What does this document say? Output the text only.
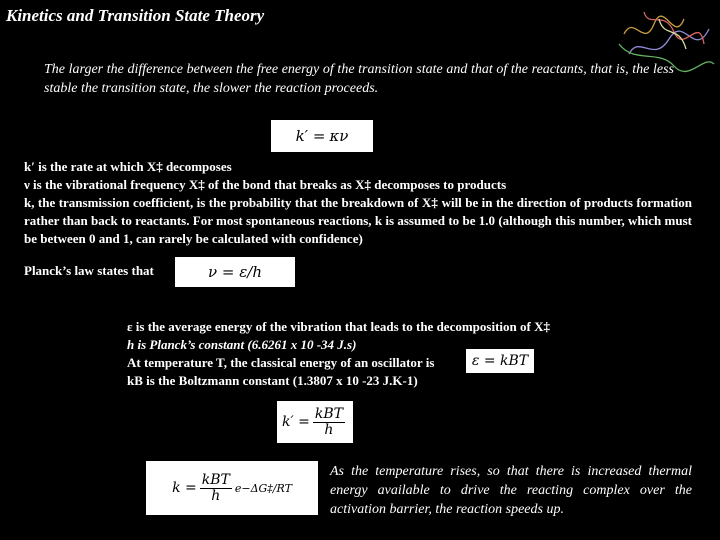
Kinetics and Transition State Theory
The larger the difference between the free energy of the transition state and that of the reactants, that is, the less stable the transition state, the slower the reaction proceeds.
k′ = κν
k′ is the rate at which X‡ decomposes
ν is the vibrational frequency X‡ of the bond that breaks as X‡ decomposes to products
k, the transmission coefficient, is the probability that the breakdown of X‡ will be in the direction of products formation rather than back to reactants. For most spontaneous reactions, k is assumed to be 1.0 (although this number, which must be between 0 and 1, can rarely be calculated with confidence)
Planck’s law states that	ν = ε/h
ε is the average energy of the vibration that leads to the decomposition of X‡
h is Planck’s constant (6.6261 x 10 -34 J.s)
At temperature T, the classical energy of an oscillator is
kB is the Boltzmann constant (1.3807 x 10 -23 J.K-1)
ε = kBT
$k' = \frac{\text{kBT}}{h}$
$k = \frac{\text{kBT}}{h}$ e−ΔG‡/RT
As the temperature rises, so that there is increased thermal energy available to drive the reacting complex over the activation barrier, the reaction speeds up.
